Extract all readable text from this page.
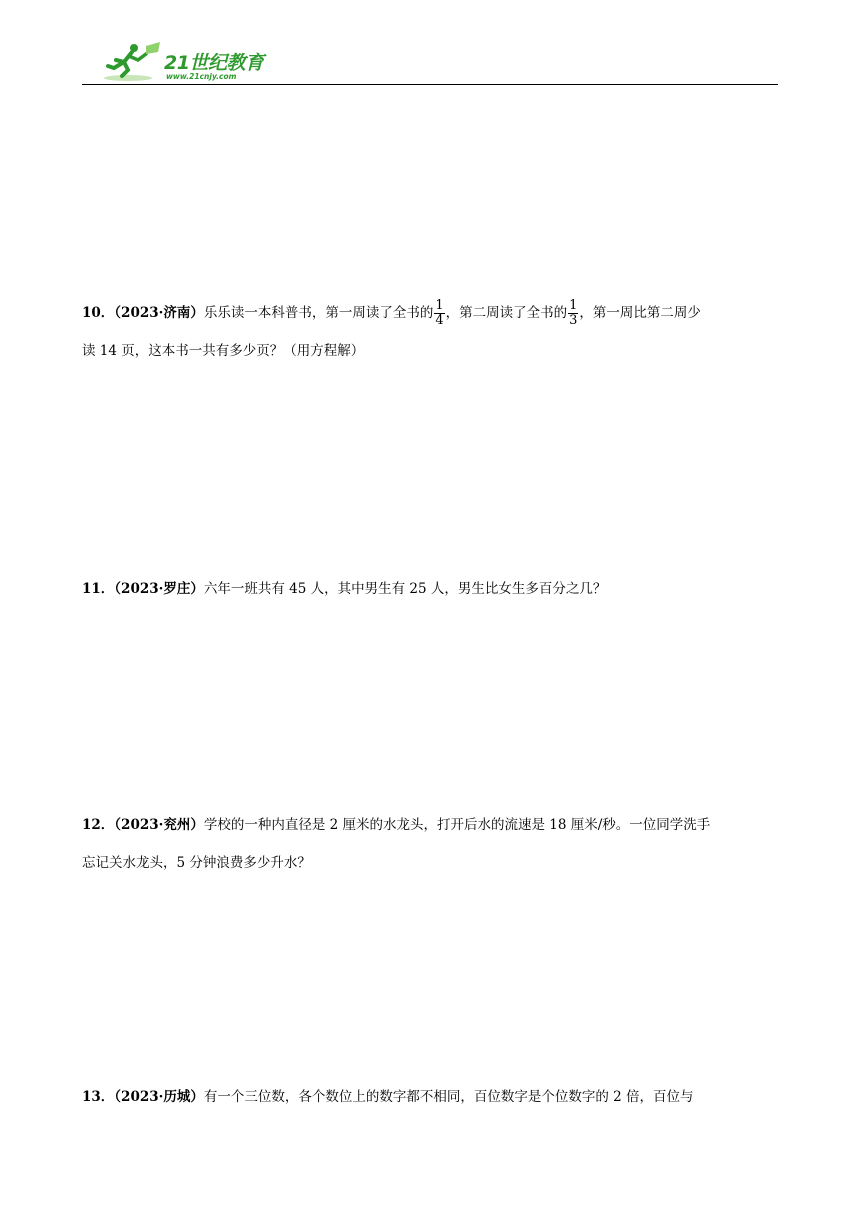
21世纪教育
www.21cnjy.com
10．（2023·济南）乐乐读一本科普书，第一周读了全书的 $\frac{1}{4}$ ，第二周读了全书的 $\frac{1}{3}$ ，第一周比第二周少
读 14 页，这本书一共有多少页？（用方程解）
11．（2023·罗庄）六年一班共有 45 人，其中男生有 25 人，男生比女生多百分之几？
12．（2023·兖州）学校的一种内直径是 2 厘米的水龙头，打开后水的流速是 18 厘米/秒。一位同学洗手
忘记关水龙头，5 分钟浪费多少升水？
13．（2023·历城）有一个三位数，各个数位上的数字都不相同，百位数字是个位数字的 2 倍，百位与
